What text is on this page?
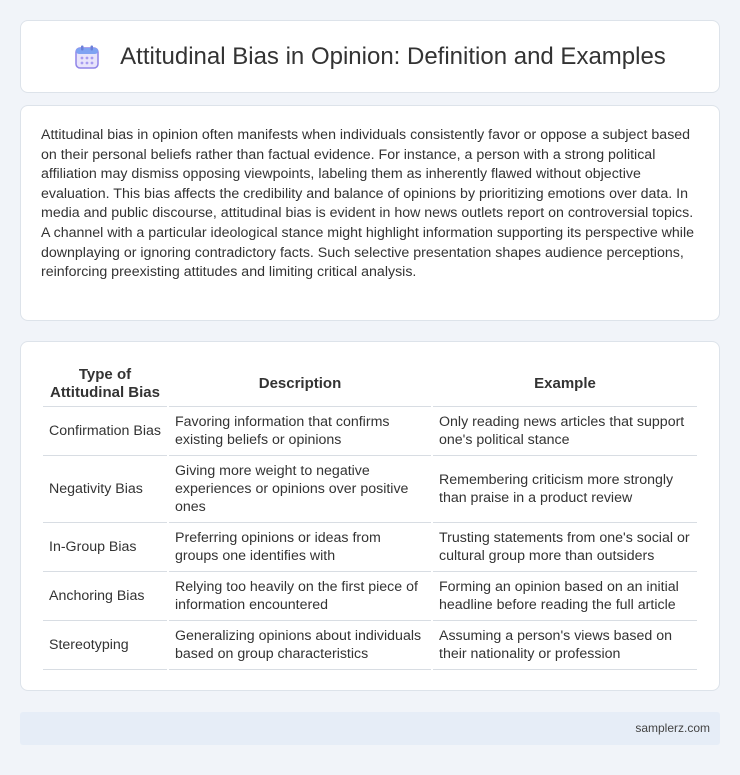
Attitudinal Bias in Opinion: Definition and Examples

Attitudinal bias in opinion often manifests when individuals consistently favor or oppose a subject based on their personal beliefs rather than factual evidence. For instance, a person with a strong political affiliation may dismiss opposing viewpoints, labeling them as inherently flawed without objective evaluation. This bias affects the credibility and balance of opinions by prioritizing emotions over data. In media and public discourse, attitudinal bias is evident in how news outlets report on controversial topics. A channel with a particular ideological stance might highlight information supporting its perspective while downplaying or ignoring contradictory facts. Such selective presentation shapes audience perceptions, reinforcing preexisting attitudes and limiting critical analysis.

Type of Attitudinal Bias	Description	Example
Confirmation Bias	Favoring information that confirms existing beliefs or opinions	Only reading news articles that support one's political stance
Negativity Bias	Giving more weight to negative experiences or opinions over positive ones	Remembering criticism more strongly than praise in a product review
In-Group Bias	Preferring opinions or ideas from groups one identifies with	Trusting statements from one's social or cultural group more than outsiders
Anchoring Bias	Relying too heavily on the first piece of information encountered	Forming an opinion based on an initial headline before reading the full article
Stereotyping	Generalizing opinions about individuals based on group characteristics	Assuming a person's views based on their nationality or profession
samplerz.com
